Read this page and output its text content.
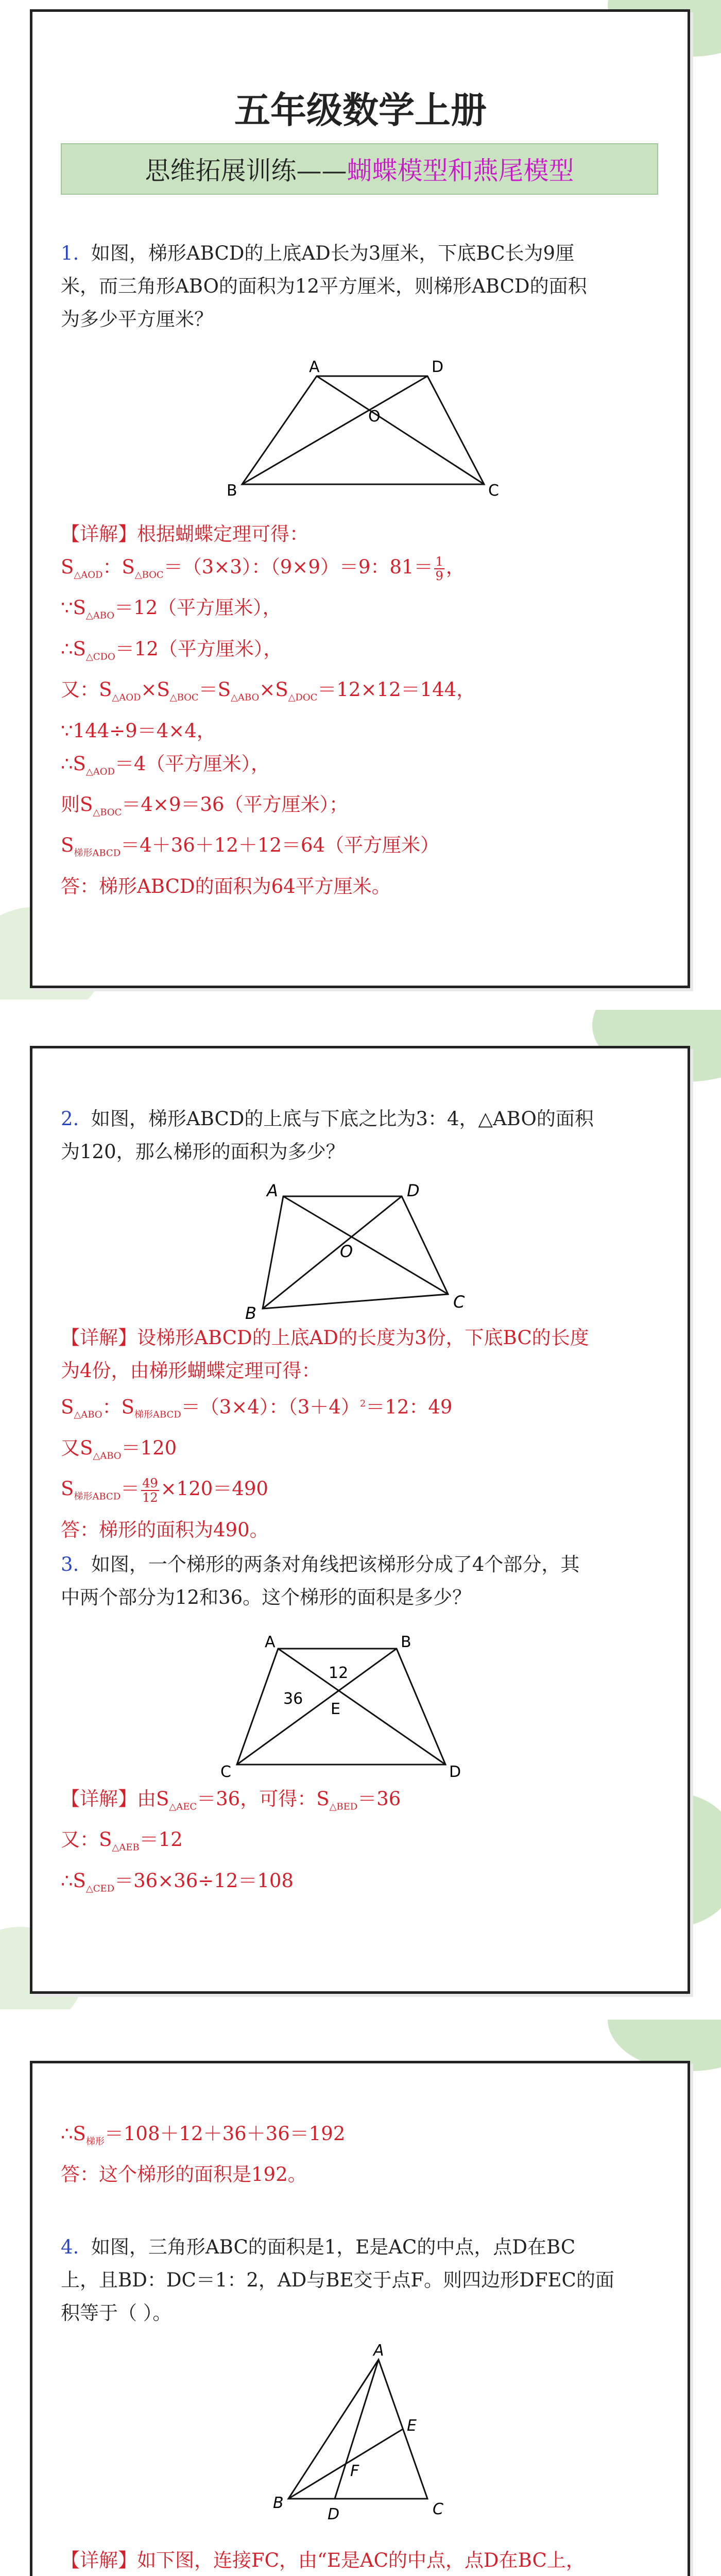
五年级数学上册
思维拓展训练—— 蝴蝶模型和燕尾模型

1. 如图，梯形ABCD的上底AD长为3厘米，下底BC长为9厘
米，而三角形ABO的面积为12平方厘米，则梯形ABCD的面积
为多少平方厘米？

A	D
B	C
O
【详解】根据蝴蝶定理可得：
$S_{\triangle AOD}$：$S_{\triangle BOC}=(3\times 3)$：（9×9）＝9：$81= \frac{1}{9}$ ，
$\because S_{\triangle ABO}=12$（平方厘米），
$\therefore S_{\triangle CDO}=12$（平方厘米），
又：$S_{\triangle AOD}\times S_{\triangle BOC}=S_{\triangle ABO}\times S_{\triangle DOC}=12\times 12=144$，
∵144÷9＝4×4，
$\therefore S_{\triangle AOD}=4$（平方厘米），
则$S_{\triangle BOC}=4\times 9=36$（平方厘米）；
$S_{梯形ABCD}=4+36+12+12=64$（平方厘米）
答：梯形ABCD的面积为64平方厘米。

2. 如图，梯形ABCD的上底与下底之比为3：4，△ABO的面积
为120，那么梯形的面积为多少？

A	D
B
C
O
【详解】设梯形ABCD的上底AD的长度为3份，下底BC的长度
为4份，由梯形蝴蝶定理可得：
$S_{\triangle ABO}$：$S_{梯形ABCD}=(3\times 4)$：$(3+4)^2=12$：49
又$S_{\triangle ABO}=120$
$S_{梯形ABCD}= \frac{49}{12} \times 120=490$
答：梯形的面积为490。

3. 如图，一个梯形的两条对角线把该梯形分成了4个部分，其
中两个部分为12和36。这个梯形的面积是多少？

A	B
C	D
E
12
36
【详解】由$S_{\triangle AEC}=36$，可得：$S_{\triangle BED}=36$
又：$S_{\triangle AEB}=12$
$\therefore S_{\triangle CED}=36\times 36\div 12=108$
$\therefore S_{梯形}=108+12+36+36=192$
答：这个梯形的面积是192。

4. 如图，三角形ABC的面积是1，E是AC的中点，点D在BC
上，且BD：DC＝1：2，AD与BE交于点F。则四边形DFEC的面
积等于（ ）。

A
B	C
D
E
F
【详解】如下图，连接FC，由“E是AC的中点，点D在BC上，
